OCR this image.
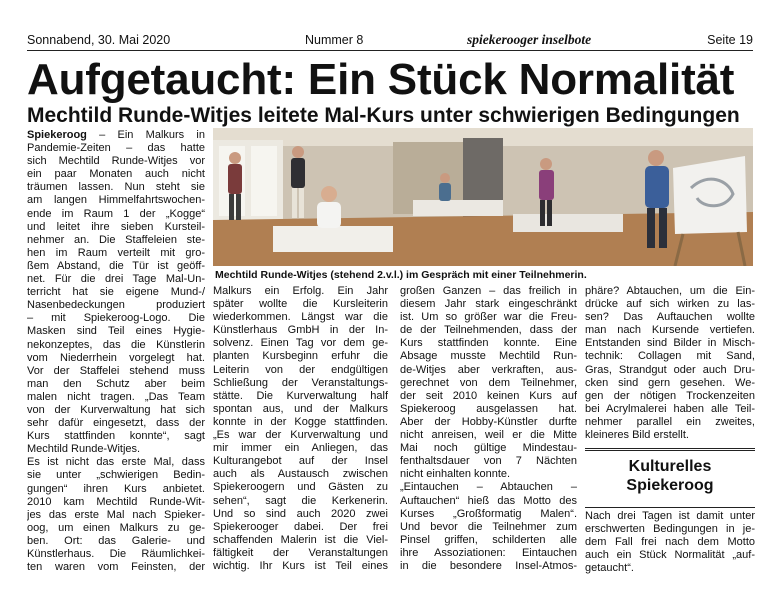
Sonnabend, 30. Mai 2020	Nummer 8	spiekerooger inselbote	Seite 19
Aufgetaucht: Ein Stück Normalität
Mechtild Runde-Witjes leitete Mal-Kurs unter schwierigen Bedingungen
Spiekeroog – Ein Malkurs in
Pandemie-Zeiten – das hatte
sich Mechtild Runde-Witjes vor
ein paar Monaten auch nicht
träumen lassen. Nun steht sie
am langen Himmelfahrtswochen-
ende im Raum 1 der „Kogge“
und leitet ihre sieben Kursteil-
nehmer an. Die Staffeleien ste-
hen im Raum verteilt mit gro-
ßem Abstand, die Tür ist geöff-
net. Für die drei Tage Mal-Un-
terricht hat sie eigene Mund-/
Nasenbedeckungen produziert
– mit Spiekeroog-Logo. Die
Masken sind Teil eines Hygie-
nekonzeptes, das die Künstlerin
vom Niederrhein vorgelegt hat.
Vor der Staffelei stehend muss
man den Schutz aber beim
malen nicht tragen. „Das Team
von der Kurverwaltung hat sich
sehr dafür eingesetzt, dass der
Kurs stattfinden konnte“, sagt
Mechtild Runde-Witjes.
Es ist nicht das erste Mal, dass
sie unter „schwierigen Bedin-
gungen“ ihren Kurs anbietet.
2010 kam Mechtild Runde-Wit-
jes das erste Mal nach Spieker-
oog, um einen Malkurs zu ge-
ben. Ort: das Galerie- und
Künstlerhaus. Die Räumlichkei-
ten waren vom Feinsten, der
Mechtild Runde-Witjes (stehend 2.v.l.) im Gespräch mit einer Teilnehmerin.
Malkurs ein Erfolg. Ein Jahr
später wollte die Kursleiterin
wiederkommen. Längst war die
Künstlerhaus GmbH in der In-
solvenz. Einen Tag vor dem ge-
planten Kursbeginn erfuhr die
Leiterin von der endgültigen
Schließung der Veranstaltungs-
stätte. Die Kurverwaltung half
spontan aus, und der Malkurs
konnte in der Kogge stattfinden.
„Es war der Kurverwaltung und
mir immer ein Anliegen, das
Kulturangebot auf der Insel
auch als Austausch zwischen
Spiekeroogern und Gästen zu
sehen“, sagt die Kerkenerin.
Und so sind auch 2020 zwei
Spiekerooger dabei. Der frei
schaffenden Malerin ist die Viel-
fältigkeit der Veranstaltungen
wichtig. Ihr Kurs ist Teil eines
großen Ganzen – das freilich in
diesem Jahr stark eingeschränkt
ist. Um so größer war die Freu-
de der Teilnehmenden, dass der
Kurs stattfinden konnte. Eine
Absage musste Mechtild Run-
de-Witjes aber verkraften, aus-
gerechnet von dem Teilnehmer,
der seit 2010 keinen Kurs auf
Spiekeroog ausgelassen hat.
Aber der Hobby-Künstler durfte
nicht anreisen, weil er die Mitte
Mai noch gültige Mindestau-
fenthaltsdauer von 7 Nächten
nicht einhalten konnte.
„Eintauchen – Abtauchen –
Auftauchen“ hieß das Motto des
Kurses „Großformatig Malen“.
Und bevor die Teilnehmer zum
Pinsel griffen, schilderten alle
ihre Assoziationen: Eintauchen
in die besondere Insel-Atmos-
phäre? Abtauchen, um die Ein-
drücke auf sich wirken zu las-
sen? Das Auftauchen wollte
man nach Kursende vertiefen.
Entstanden sind Bilder in Misch-
technik: Collagen mit Sand,
Gras, Strandgut oder auch Dru-
cken sind gern gesehen. We-
gen der nötigen Trockenzeiten
bei Acrylmalerei haben alle Teil-
nehmer parallel ein zweites,
kleineres Bild erstellt.
Kulturelles
Spiekeroog
Nach drei Tagen ist damit unter
erschwerten Bedingungen in je-
dem Fall frei nach dem Motto
auch ein Stück Normalität „auf-
getaucht“.
